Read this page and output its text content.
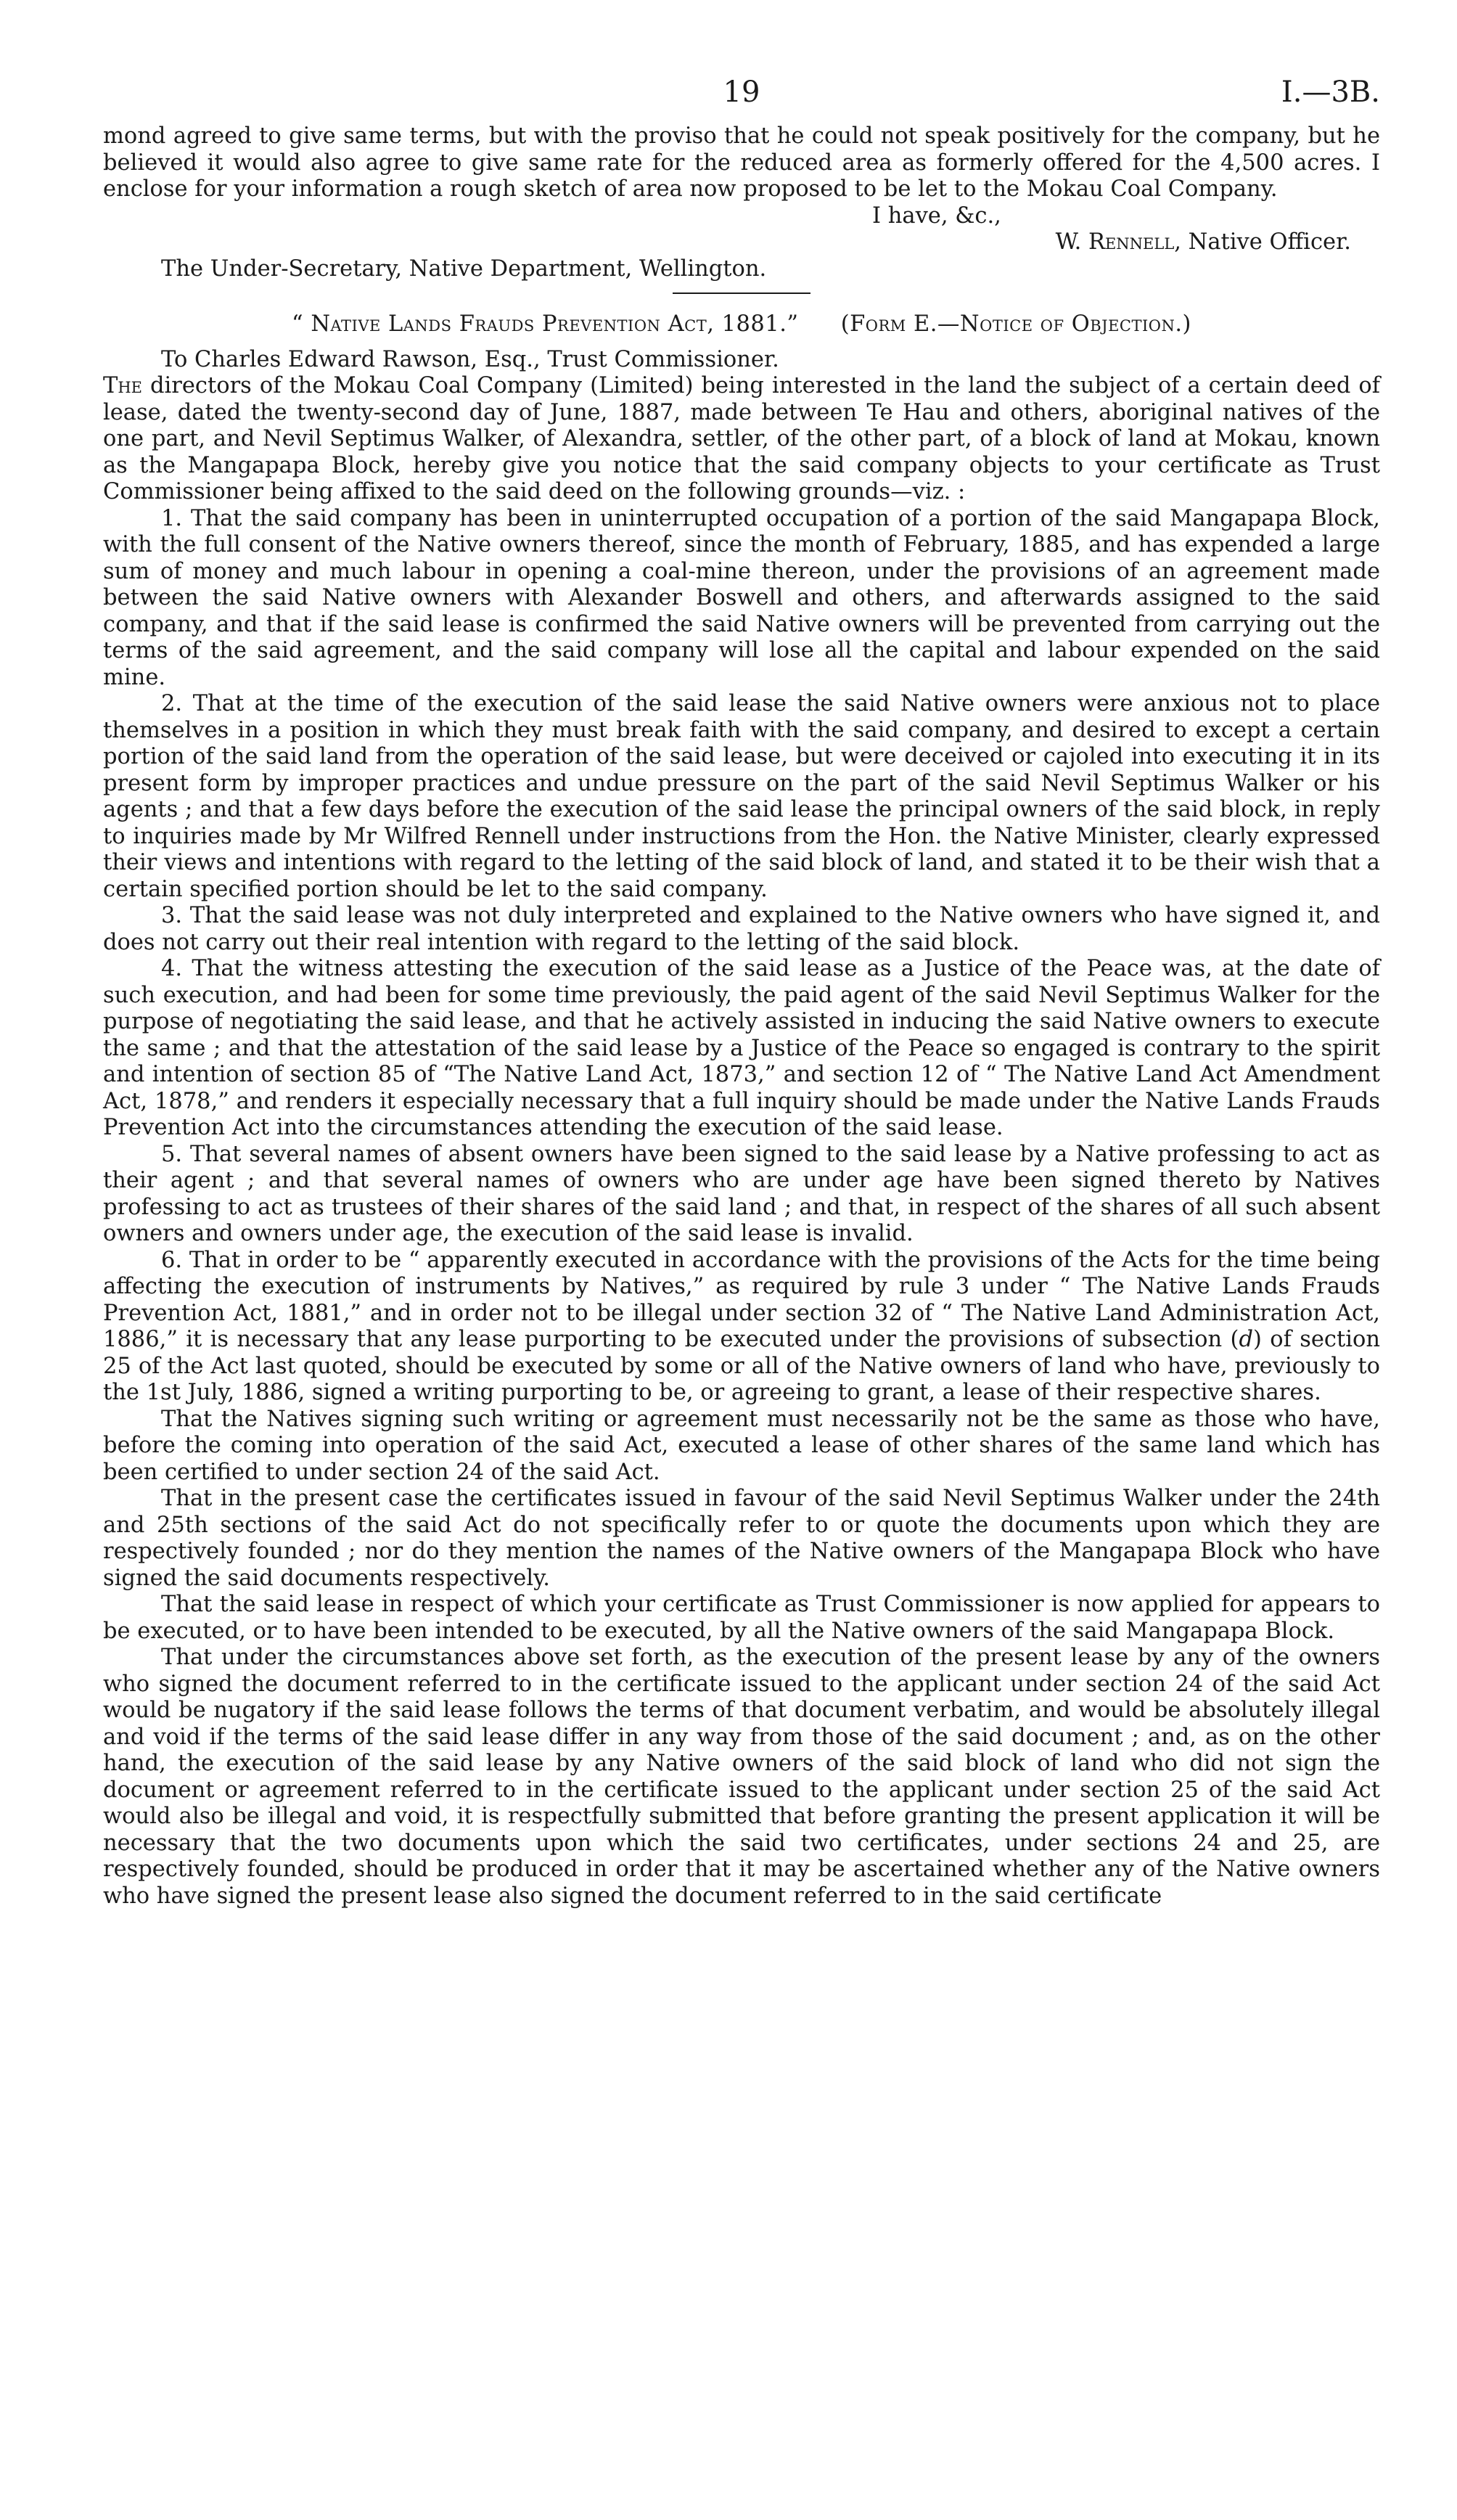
19	I.—3B.

mond agreed to give same terms, but with the proviso that he could not speak positively for the company, but he believed it would also agree to give same rate for the reduced area as formerly offered for the 4,500 acres. I enclose for your information a rough sketch of area now proposed to be let to the Mokau Coal Company.

I have, &c.,

W. Rennell, Native Officer.

The Under-Secretary, Native Department, Wellington.

“ Native Lands Frauds Prevention Act, 1881.” (Form E.—Notice of Objection.)

To Charles Edward Rawson, Esq., Trust Commissioner.

The directors of the Mokau Coal Company (Limited) being interested in the land the subject of a certain deed of lease, dated the twenty-second day of June, 1887, made between Te Hau and others, aboriginal natives of the one part, and Nevil Septimus Walker, of Alexandra, settler, of the other part, of a block of land at Mokau, known as the Mangapapa Block, hereby give you notice that the said company objects to your certificate as Trust Commissioner being affixed to the said deed on the following grounds—viz. :

1. That the said company has been in uninterrupted occupation of a portion of the said Mangapapa Block, with the full consent of the Native owners thereof, since the month of February, 1885, and has expended a large sum of money and much labour in opening a coal-mine thereon, under the provisions of an agreement made between the said Native owners with Alexander Boswell and others, and afterwards assigned to the said company, and that if the said lease is confirmed the said Native owners will be prevented from carrying out the terms of the said agreement, and the said company will lose all the capital and labour expended on the said mine.

2. That at the time of the execution of the said lease the said Native owners were anxious not to place themselves in a position in which they must break faith with the said company, and desired to except a certain portion of the said land from the operation of the said lease, but were deceived or cajoled into executing it in its present form by improper practices and undue pressure on the part of the said Nevil Septimus Walker or his agents ; and that a few days before the execution of the said lease the principal owners of the said block, in reply to inquiries made by Mr Wilfred Rennell under instructions from the Hon. the Native Minister, clearly expressed their views and intentions with regard to the letting of the said block of land, and stated it to be their wish that a certain specified portion should be let to the said company.

3. That the said lease was not duly interpreted and explained to the Native owners who have signed it, and does not carry out their real intention with regard to the letting of the said block.

4. That the witness attesting the execution of the said lease as a Justice of the Peace was, at the date of such execution, and had been for some time previously, the paid agent of the said Nevil Septimus Walker for the purpose of negotiating the said lease, and that he actively assisted in inducing the said Native owners to execute the same ; and that the attestation of the said lease by a Justice of the Peace so engaged is contrary to the spirit and intention of section 85 of “The Native Land Act, 1873,” and section 12 of “ The Native Land Act Amendment Act, 1878,” and renders it especially necessary that a full inquiry should be made under the Native Lands Frauds Prevention Act into the circumstances attending the execution of the said lease.

5. That several names of absent owners have been signed to the said lease by a Native professing to act as their agent ; and that several names of owners who are under age have been signed thereto by Natives professing to act as trustees of their shares of the said land ; and that, in respect of the shares of all such absent owners and owners under age, the execution of the said lease is invalid.

6. That in order to be “ apparently executed in accordance with the provisions of the Acts for the time being affecting the execution of instruments by Natives,” as required by rule 3 under “ The Native Lands Frauds Prevention Act, 1881,” and in order not to be illegal under section 32 of “ The Native Land Administration Act, 1886,” it is necessary that any lease purporting to be executed under the provisions of subsection (d) of section 25 of the Act last quoted, should be executed by some or all of the Native owners of land who have, previously to the 1st July, 1886, signed a writing purporting to be, or agreeing to grant, a lease of their respective shares.

That the Natives signing such writing or agreement must necessarily not be the same as those who have, before the coming into operation of the said Act, executed a lease of other shares of the same land which has been certified to under section 24 of the said Act.

That in the present case the certificates issued in favour of the said Nevil Septimus Walker under the 24th and 25th sections of the said Act do not specifically refer to or quote the documents upon which they are respectively founded ; nor do they mention the names of the Native owners of the Mangapapa Block who have signed the said documents respectively.

That the said lease in respect of which your certificate as Trust Commissioner is now applied for appears to be executed, or to have been intended to be executed, by all the Native owners of the said Mangapapa Block.

That under the circumstances above set forth, as the execution of the present lease by any of the owners who signed the document referred to in the certificate issued to the applicant under section 24 of the said Act would be nugatory if the said lease follows the terms of that document verbatim, and would be absolutely illegal and void if the terms of the said lease differ in any way from those of the said document ; and, as on the other hand, the execution of the said lease by any Native owners of the said block of land who did not sign the document or agreement referred to in the certificate issued to the applicant under section 25 of the said Act would also be illegal and void, it is respectfully submitted that before granting the present application it will be necessary that the two documents upon which the said two certificates, under sections 24 and 25, are respectively founded, should be produced in order that it may be ascertained whether any of the Native owners who have signed the present lease also signed the document referred to in the said certificate
